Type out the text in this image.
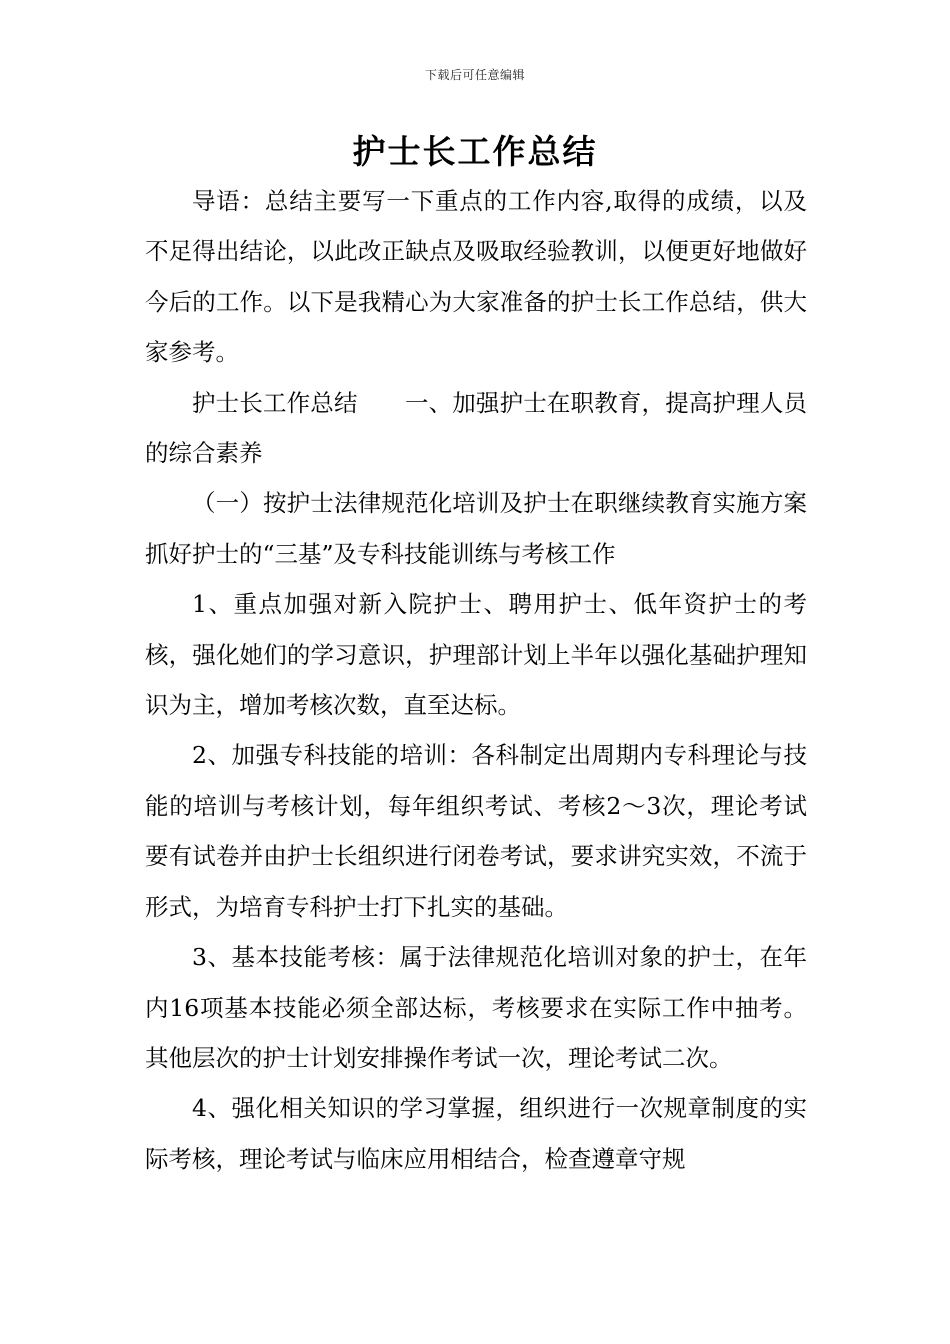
下载后可任意编辑
护士长工作总结

导语：总结主要写一下重点的工作内容,取得的成绩，以及不足得出结论，以此改正缺点及吸取经验教训，以便更好地做好今后的工作。以下是我精心为大家准备的护士长工作总结，供大家参考。

护士长工作总结　　一、加强护士在职教育，提高护理人员的综合素养

（一）按护士法律规范化培训及护士在职继续教育实施方案抓好护士的“三基”及专科技能训练与考核工作

1、重点加强对新入院护士、聘用护士、低年资护士的考核，强化她们的学习意识，护理部计划上半年以强化基础护理知识为主，增加考核次数，直至达标。

2、加强专科技能的培训：各科制定出周期内专科理论与技能的培训与考核计划，每年组织考试、考核2～3次，理论考试要有试卷并由护士长组织进行闭卷考试，要求讲究实效，不流于形式，为培育专科护士打下扎实的基础。

3、基本技能考核：属于法律规范化培训对象的护士，在年内16项基本技能必须全部达标，考核要求在实际工作中抽考。其他层次的护士计划安排操作考试一次，理论考试二次。

4、强化相关知识的学习掌握，组织进行一次规章制度的实际考核，理论考试与临床应用相结合，检查遵章守规
